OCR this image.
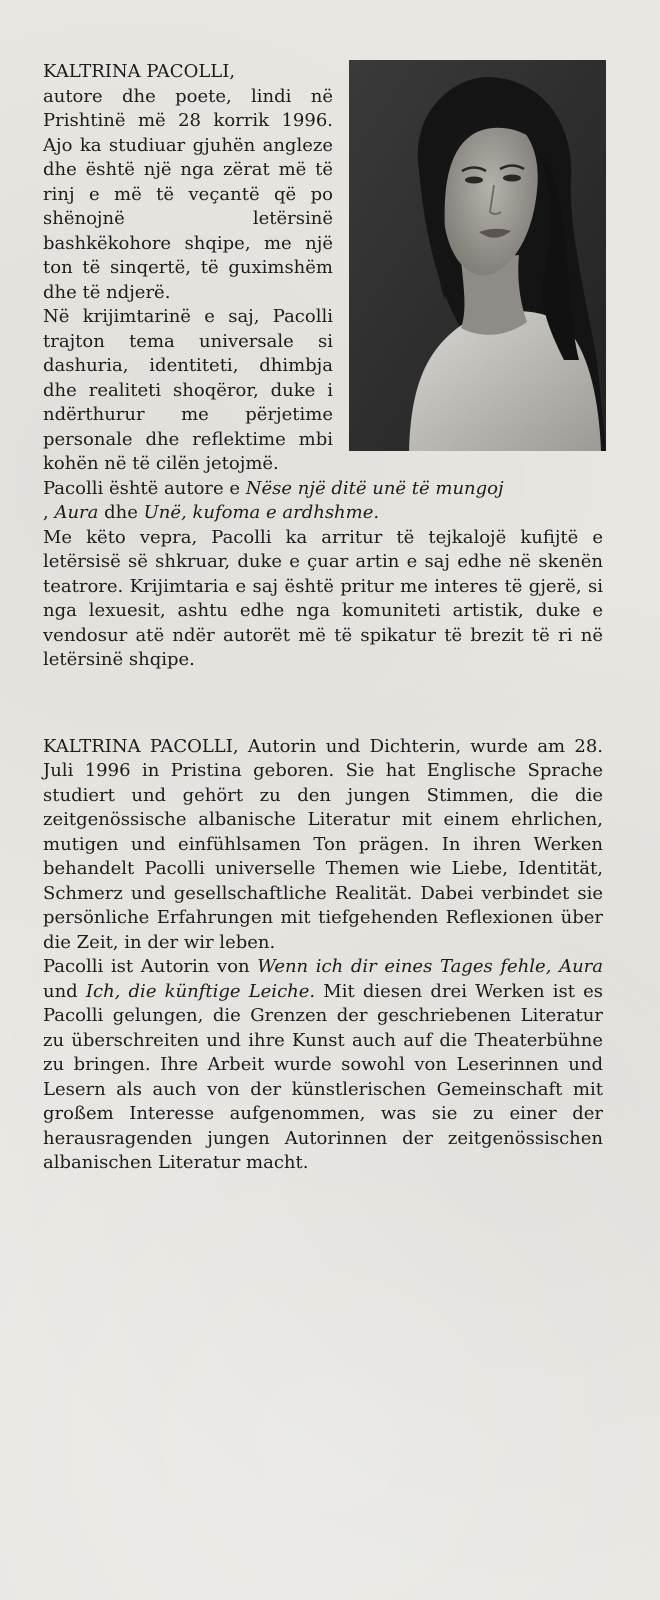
KALTRINA PACOLLI,
autore dhe poete, lindi në Prishtinë më 28 korrik 1996. Ajo ka studiuar gjuhën angleze dhe është një nga zërat më të rinj e më të veçantë që po shënojnë letërsinë bashkëkohore shqipe, me një ton të sinqertë, të guximshëm dhe të ndjerë.

Në krijimtarinë e saj, Pacolli trajton tema universale si dashuria, identiteti, dhimbja dhe realiteti shoqëror, duke i ndërthurur me përjetime personale dhe reflektime mbi kohën në të cilën jetojmë.

Pacolli është autore e Nëse një ditë unë të mungoj
, Aura dhe Unë, kufoma e ardhshme.

Me këto vepra, Pacolli ka arritur të tejkalojë kufijtë e letërsisë së shkruar, duke e çuar artin e saj edhe në skenën teatrore. Krijimtaria e saj është pritur me interes të gjerë, si nga lexuesit, ashtu edhe nga komuniteti artistik, duke e vendosur atë ndër autorët më të spikatur të brezit të ri në letërsinë shqipe.

KALTRINA PACOLLI, Autorin und Dichterin, wurde am 28. Juli 1996 in Pristina geboren. Sie hat Englische Sprache studiert und gehört zu den jungen Stimmen, die die zeitgenössische albanische Literatur mit einem ehrlichen, mutigen und einfühlsamen Ton prägen. In ihren Werken behandelt Pacolli universelle Themen wie Liebe, Identität, Schmerz und gesellschaftliche Realität. Dabei verbindet sie persönliche Erfahrungen mit tiefgehenden Reflexionen über die Zeit, in der wir leben.

Pacolli ist Autorin von Wenn ich dir eines Tages fehle, Aura und Ich, die künftige Leiche. Mit diesen drei Werken ist es Pacolli gelungen, die Grenzen der geschriebenen Literatur zu überschreiten und ihre Kunst auch auf die Theaterbühne zu bringen. Ihre Arbeit wurde sowohl von Leserinnen und Lesern als auch von der künstlerischen Gemeinschaft mit großem Interesse aufgenommen, was sie zu einer der herausragenden jungen Autorinnen der zeitgenössischen albanischen Literatur macht.
